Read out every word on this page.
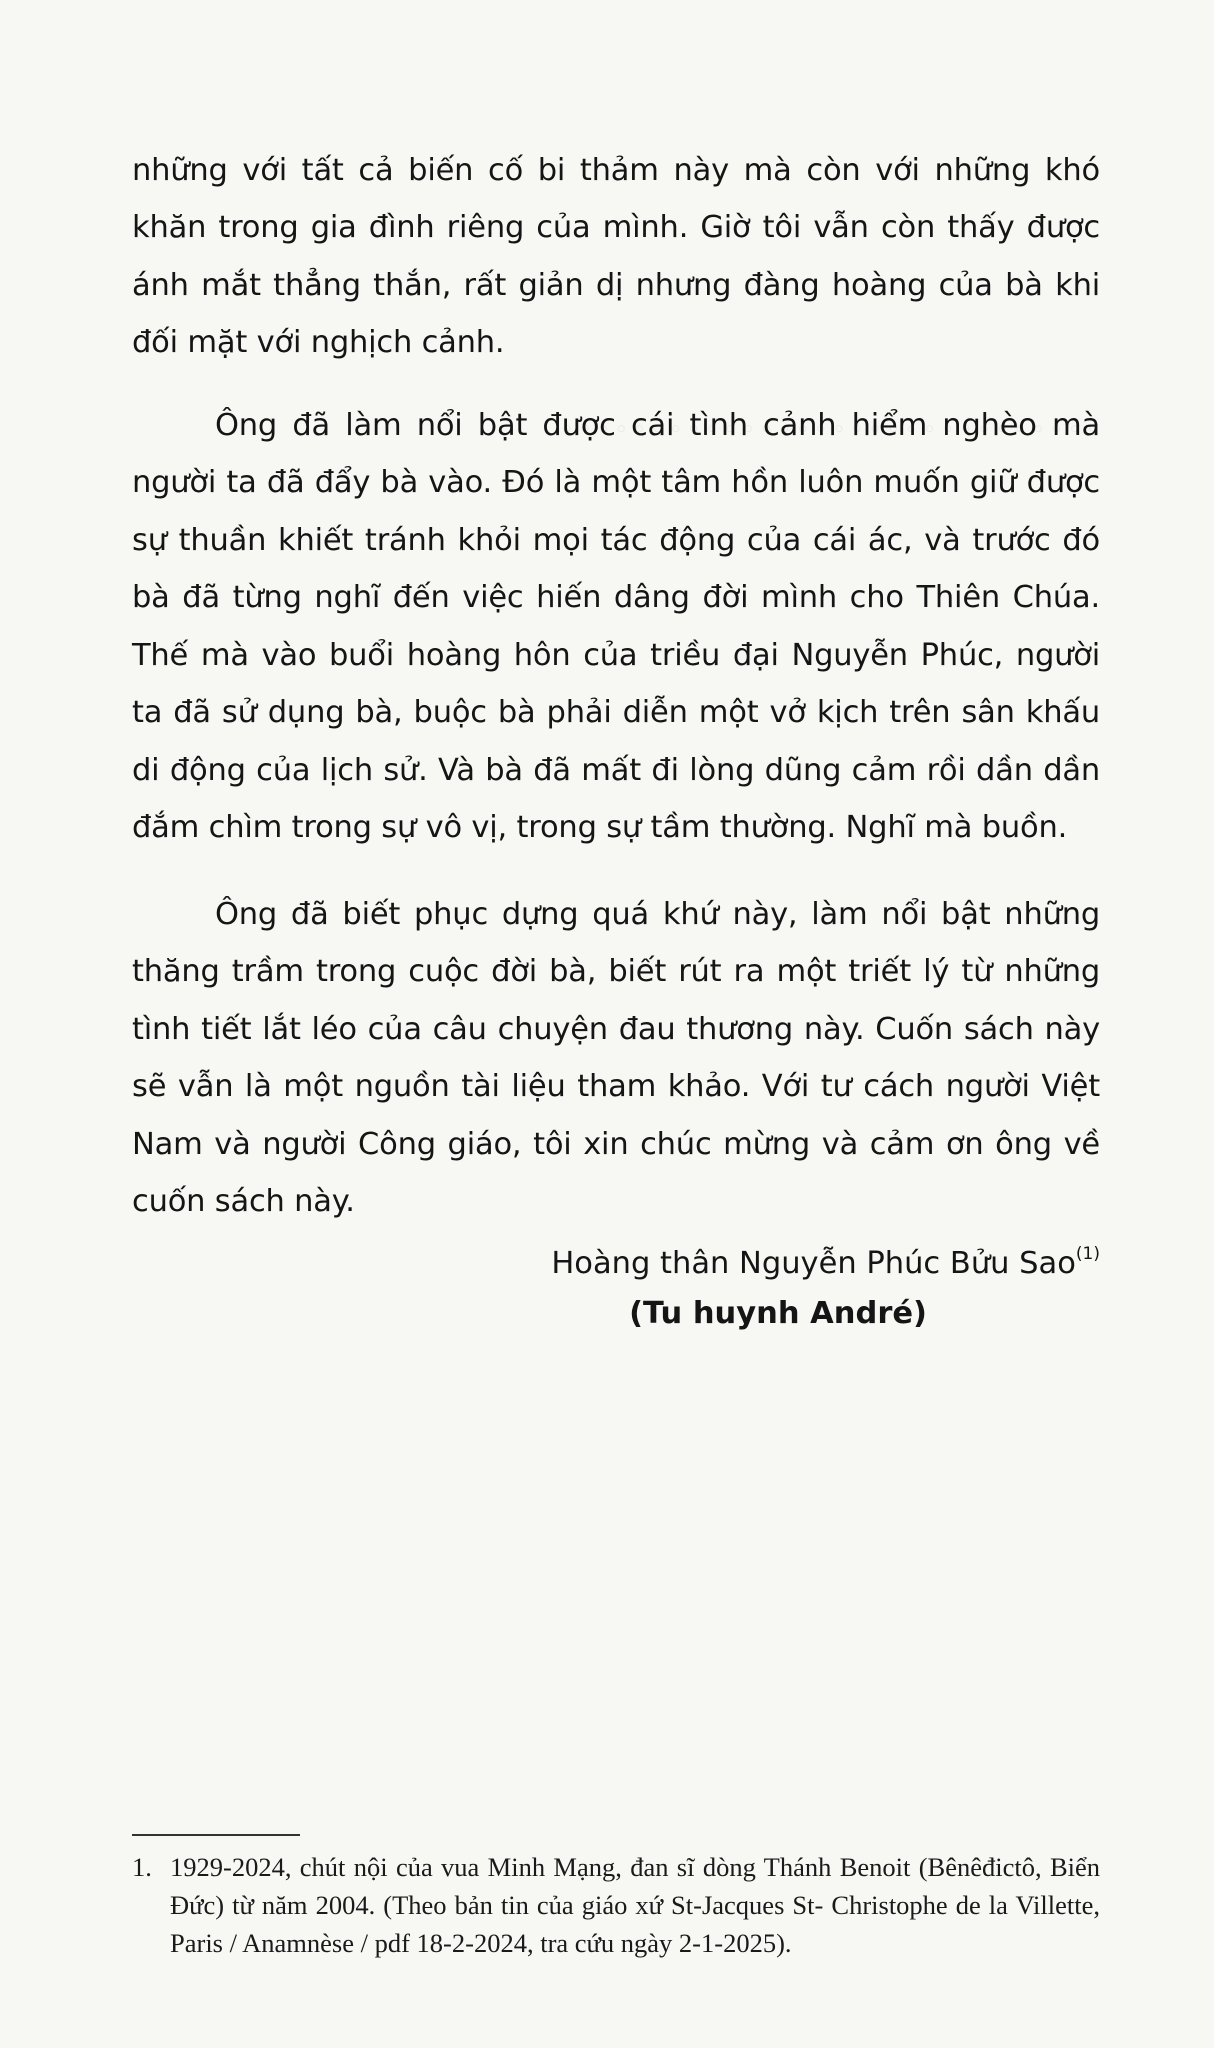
những với tất cả biến cố bi thảm này mà còn với những khó khăn trong gia đình riêng của mình. Giờ tôi vẫn còn thấy được ánh mắt thẳng thắn, rất giản dị nhưng đàng hoàng của bà khi đối mặt với nghịch cảnh.

Ông đã làm nổi bật được cái tình cảnh hiểm nghèo mà người ta đã đẩy bà vào. Đó là một tâm hồn luôn muốn giữ được sự thuần khiết tránh khỏi mọi tác động của cái ác, và trước đó bà đã từng nghĩ đến việc hiến dâng đời mình cho Thiên Chúa. Thế mà vào buổi hoàng hôn của triều đại Nguyễn Phúc, người ta đã sử dụng bà, buộc bà phải diễn một vở kịch trên sân khấu di động của lịch sử. Và bà đã mất đi lòng dũng cảm rồi dần dần đắm chìm trong sự vô vị, trong sự tầm thường. Nghĩ mà buồn.

Ông đã biết phục dựng quá khứ này, làm nổi bật những thăng trầm trong cuộc đời bà, biết rút ra một triết lý từ những tình tiết lắt léo của câu chuyện đau thương này. Cuốn sách này sẽ vẫn là một nguồn tài liệu tham khảo. Với tư cách người Việt Nam và người Công giáo, tôi xin chúc mừng và cảm ơn ông về cuốn sách này.

Hoàng thân Nguyễn Phúc Bửu Sao$^{(1)}$
(Tu huynh André)
1. 1929-2024, chút nội của vua Minh Mạng, đan sĩ dòng Thánh Benoit (Bênêđictô, Biển Đức) từ năm 2004. (Theo bản tin của giáo xứ St-Jacques St- Christophe de la Villette, Paris / Anamnèse / pdf 18-2-2024, tra cứu ngày 2-1-2025).
